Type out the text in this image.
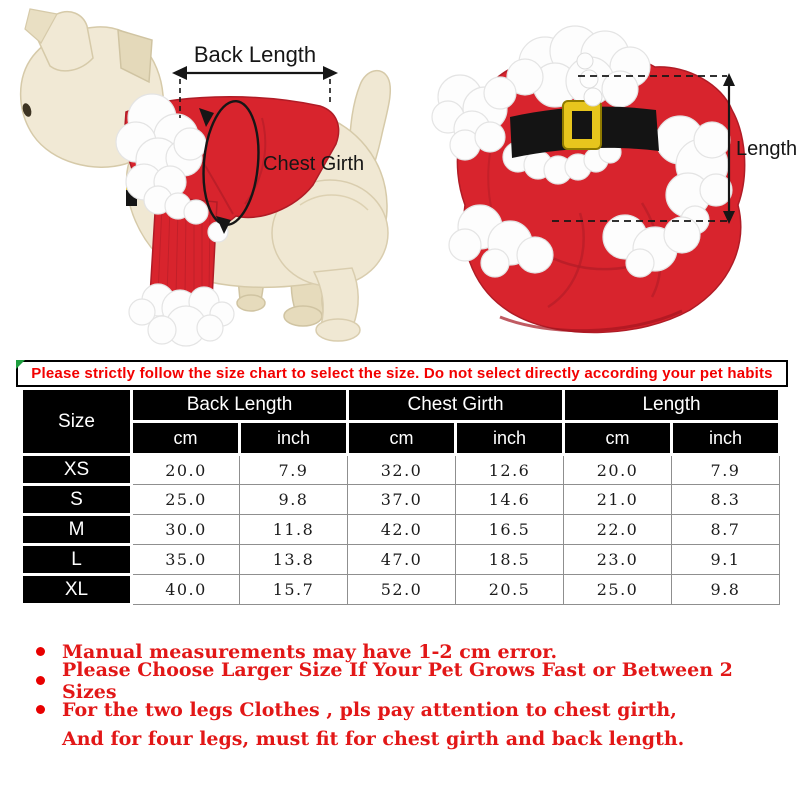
Back Length
Chest Girth
Length
Please strictly follow the size chart to select the size. Do not select directly according your pet habits
Size	Back Length		Chest Girth		Length	
	cm	inch	cm	inch	cm	inch
XS	20.0	7.9	32.0	12.6	20.0	7.9
S	25.0	9.8	37.0	14.6	21.0	8.3
M	30.0	11.8	42.0	16.5	22.0	8.7
L	35.0	13.8	47.0	18.5	23.0	9.1
XL	40.0	15.7	52.0	20.5	25.0	9.8
Manual measurements may have 1-2 cm error.
Please Choose Larger Size If Your Pet Grows Fast or Between 2 Sizes
For the two legs Clothes , pls pay attention to chest girth,
And for four legs, must fit for chest girth and back length.
